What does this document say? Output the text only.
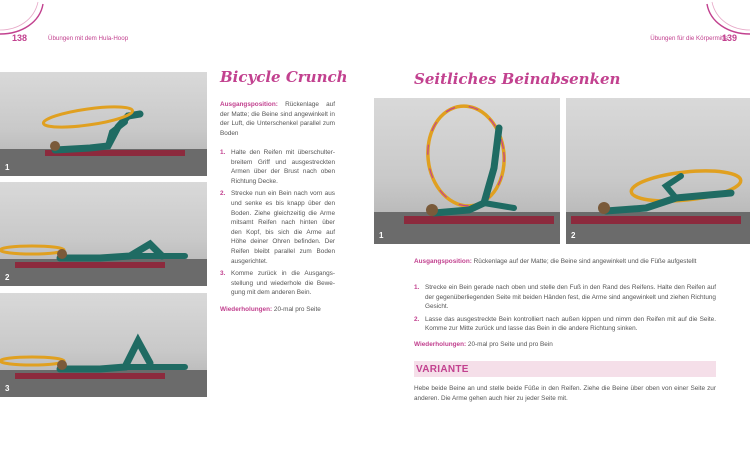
138	Übungen mit dem Hula-Hoop	Übungen für die Körpermitte
139
1
2
3
Bicycle Crunch
Ausgangsposition: Rückenlage auf der Matte; die Beine sind angewinkelt in der Luft, die Unterschenkel parallel zum Boden
1. Halte den Reifen mit überschulterbreitem Griff und ausgestreckten Armen über der Brust nach oben Richtung Decke.
2. Strecke nun ein Bein nach vorn aus und senke es bis knapp über den Boden. Ziehe gleichzeitig die Arme mitsamt Reifen nach hinten über den Kopf, bis sich die Arme auf Höhe deiner Ohren befinden. Der Reifen bleibt parallel zum Boden ausgerichtet.
3. Komme zurück in die Ausgangsstellung und wiederhole die Bewegung mit dem anderen Bein.
Wiederholungen: 20-mal pro Seite
Seitliches Beinabsenken
1	2
Ausgangsposition: Rückenlage auf der Matte; die Beine sind angewinkelt und die Füße aufgestellt
1. Strecke ein Bein gerade nach oben und stelle den Fuß in den Rand des Reifens. Halte den Reifen auf der gegenüberliegenden Seite mit beiden Händen fest, die Arme sind angewinkelt und ziehen Richtung Gesicht.
2. Lasse das ausgestreckte Bein kontrolliert nach außen kippen und nimm den Reifen mit auf die Seite. Komme zur Mitte zurück und lasse das Bein in die andere Richtung sinken.
Wiederholungen: 20-mal pro Seite und pro Bein
VARIANTE
Hebe beide Beine an und stelle beide Füße in den Reifen. Ziehe die Beine über oben von einer Seite zur anderen. Die Arme gehen auch hier zu jeder Seite mit.
